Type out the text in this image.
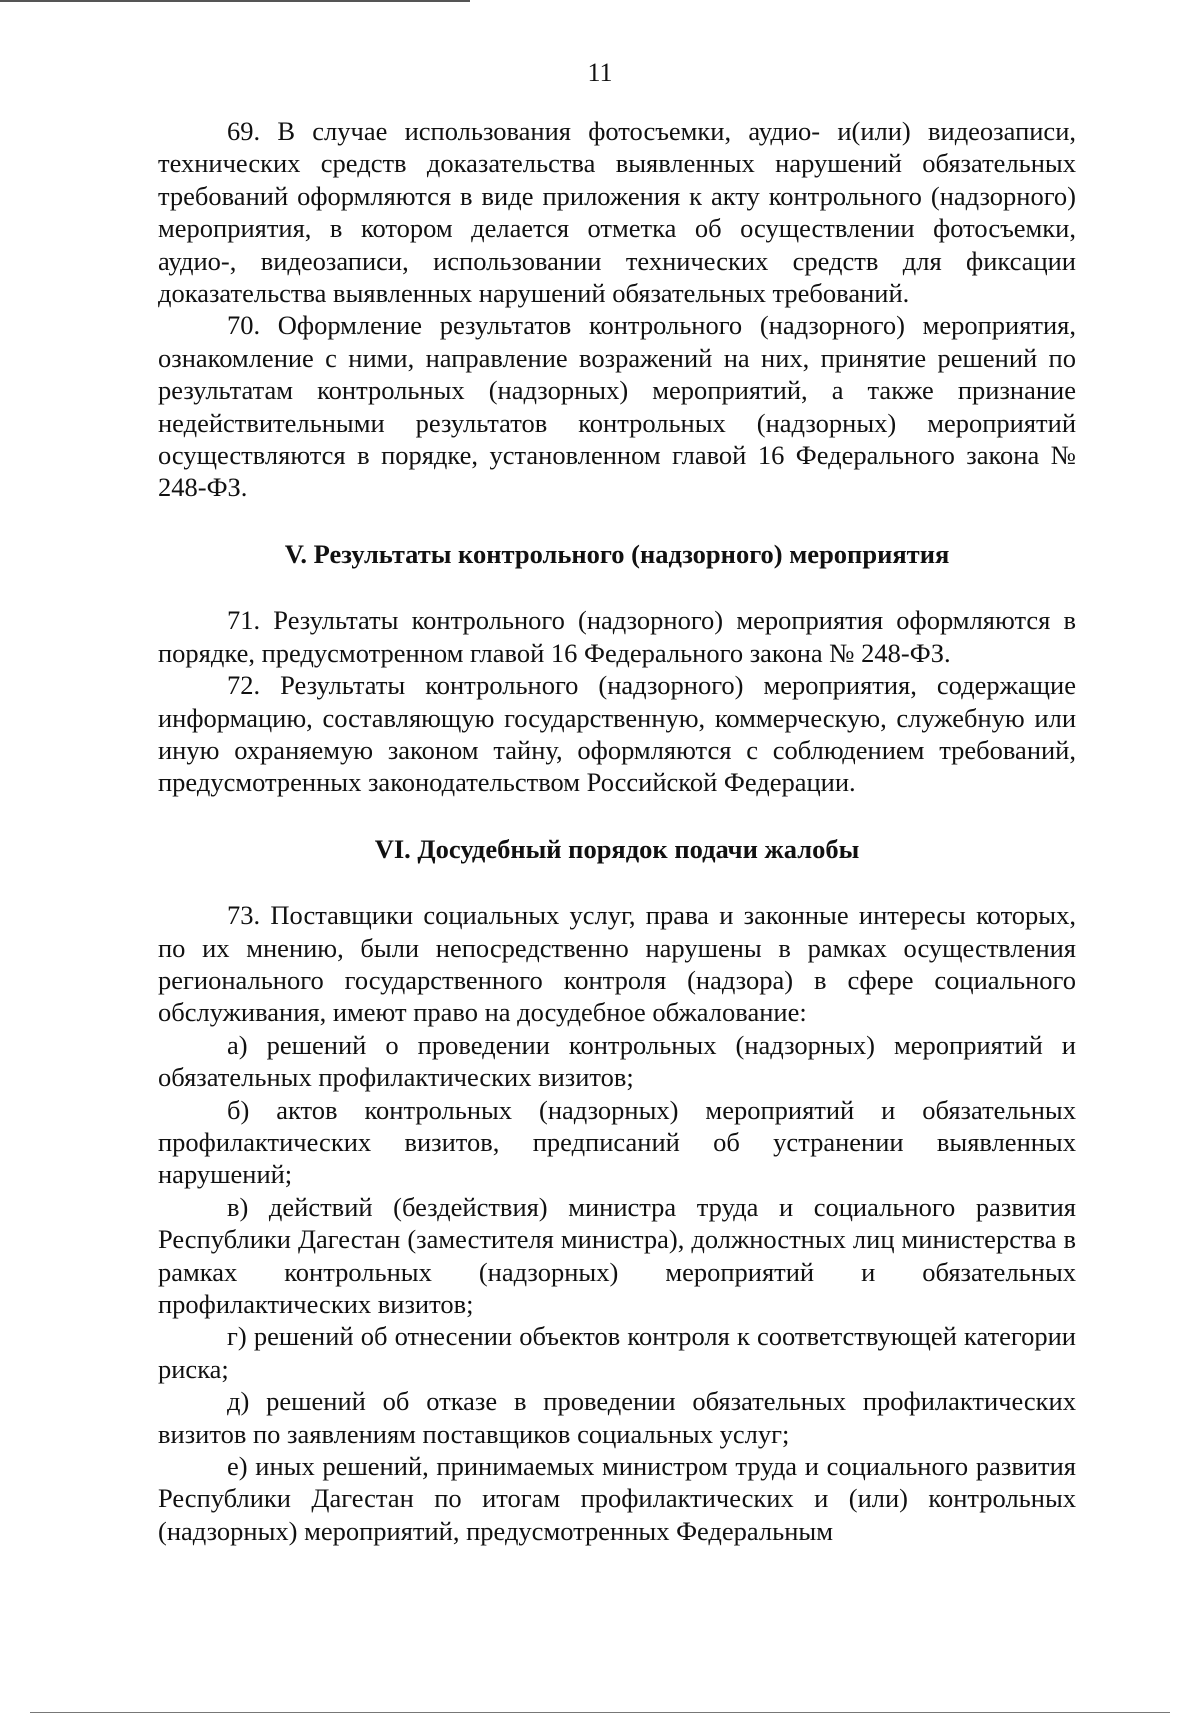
11

69. В случае использования фотосъемки, аудио- и(или) видеозаписи, технических средств доказательства выявленных нарушений обязательных требований оформляются в виде приложения к акту контрольного (надзорного) мероприятия, в котором делается отметка об осуществлении фотосъемки, аудио-, видеозаписи, использовании технических средств для фиксации доказательства выявленных нарушений обязательных требований.

70. Оформление результатов контрольного (надзорного) мероприятия, ознакомление с ними, направление возражений на них, принятие решений по результатам контрольных (надзорных) мероприятий, а также признание недействительными результатов контрольных (надзорных) мероприятий осуществляются в порядке, установленном главой 16 Федерального закона № 248-ФЗ.

V. Результаты контрольного (надзорного) мероприятия

71. Результаты контрольного (надзорного) мероприятия оформляются в порядке, предусмотренном главой 16 Федерального закона № 248-ФЗ.

72. Результаты контрольного (надзорного) мероприятия, содержащие информацию, составляющую государственную, коммерческую, служебную или иную охраняемую законом тайну, оформляются с соблюдением требований, предусмотренных законодательством Российской Федерации.

VI. Досудебный порядок подачи жалобы

73. Поставщики социальных услуг, права и законные интересы которых, по их мнению, были непосредственно нарушены в рамках осуществления регионального государственного контроля (надзора) в сфере социального обслуживания, имеют право на досудебное обжалование:

а) решений о проведении контрольных (надзорных) мероприятий и обязательных профилактических визитов;

б) актов контрольных (надзорных) мероприятий и обязательных профилактических визитов, предписаний об устранении выявленных нарушений;

в) действий (бездействия) министра труда и социального развития Республики Дагестан (заместителя министра), должностных лиц министерства в рамках контрольных (надзорных) мероприятий и обязательных профилактических визитов;

г) решений об отнесении объектов контроля к соответствующей категории риска;

д) решений об отказе в проведении обязательных профилактических визитов по заявлениям поставщиков социальных услуг;

е) иных решений, принимаемых министром труда и социального развития Республики Дагестан по итогам профилактических и (или) контрольных (надзорных) мероприятий, предусмотренных Федеральным
